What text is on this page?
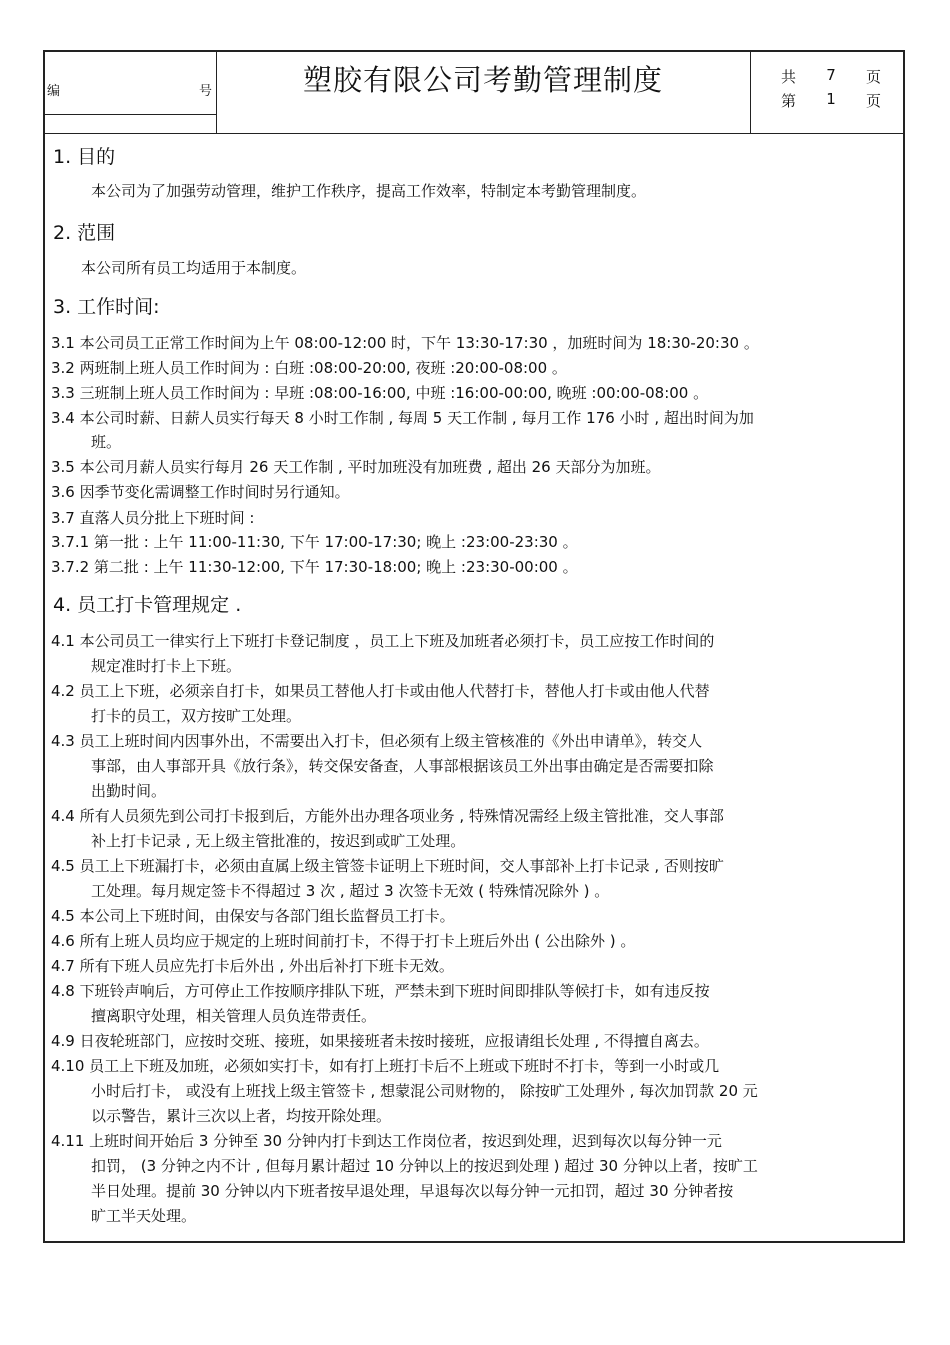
编	号	塑胶有限公司考勤管理制度	共 7 页
第 1 页
1. 目的
本公司为了加强劳动管理，维护工作秩序，提高工作效率，特制定本考勤管理制度。
2. 范围
本公司所有员工均适用于本制度。
3. 工作时间:
3.1 本公司员工正常工作时间为上午 08:00-12:00 时，下午 13:30-17:30 ，加班时间为 18:30-20:30 。
3.2 两班制上班人员工作时间为 : 白班 :08:00-20:00, 夜班 :20:00-08:00 。
3.3 三班制上班人员工作时间为 : 早班 :08:00-16:00, 中班 :16:00-00:00, 晚班 :00:00-08:00 。
3.4 本公司时薪、日薪人员实行每天 8 小时工作制 , 每周 5 天工作制 , 每月工作 176 小时 , 超出时间为加
班。
3.5 本公司月薪人员实行每月 26 天工作制 , 平时加班没有加班费 , 超出 26 天部分为加班。
3.6 因季节变化需调整工作时间时另行通知。
3.7 直落人员分批上下班时间 :
3.7.1 第一批 : 上午 11:00-11:30, 下午 17:00-17:30; 晚上 :23:00-23:30 。
3.7.2 第二批 : 上午 11:30-12:00, 下午 17:30-18:00; 晚上 :23:30-00:00 。
4. 员工打卡管理规定 .
4.1 本公司员工一律实行上下班打卡登记制度 ，员工上下班及加班者必须打卡，员工应按工作时间的
规定准时打卡上下班。
4.2 员工上下班，必须亲自打卡，如果员工替他人打卡或由他人代替打卡，替他人打卡或由他人代替
打卡的员工，双方按旷工处理。
4.3 员工上班时间内因事外出，不需要出入打卡，但必须有上级主管核准的《外出申请单》，转交人
事部，由人事部开具《放行条》，转交保安备查，人事部根据该员工外出事由确定是否需要扣除
出勤时间。
4.4 所有人员须先到公司打卡报到后，方能外出办理各项业务 , 特殊情况需经上级主管批准，交人事部
补上打卡记录 , 无上级主管批准的，按迟到或旷工处理。
4.5 员工上下班漏打卡，必须由直属上级主管签卡证明上下班时间，交人事部补上打卡记录 , 否则按旷
工处理。每月规定签卡不得超过 3 次 , 超过 3 次签卡无效 ( 特殊情况除外 ) 。
4.5 本公司上下班时间，由保安与各部门组长监督员工打卡。
4.6 所有上班人员均应于规定的上班时间前打卡，不得于打卡上班后外出 ( 公出除外 ) 。
4.7 所有下班人员应先打卡后外出 , 外出后补打下班卡无效。
4.8 下班铃声响后，方可停止工作按顺序排队下班，严禁未到下班时间即排队等候打卡，如有违反按
擅离职守处理，相关管理人员负连带责任。
4.9 日夜轮班部门，应按时交班、接班，如果接班者未按时接班，应报请组长处理 , 不得擅自离去。
4.10 员工上下班及加班，必须如实打卡，如有打上班打卡后不上班或下班时不打卡，等到一小时或几
小时后打卡， 或没有上班找上级主管签卡 , 想蒙混公司财物的， 除按旷工处理外 , 每次加罚款 20 元
以示警告，累计三次以上者，均按开除处理。
4.11 上班时间开始后 3 分钟至 30 分钟内打卡到达工作岗位者，按迟到处理，迟到每次以每分钟一元
扣罚， (3 分钟之内不计 , 但每月累计超过 10 分钟以上的按迟到处理 ) 超过 30 分钟以上者，按旷工
半日处理。提前 30 分钟以内下班者按早退处理，早退每次以每分钟一元扣罚，超过 30 分钟者按
旷工半天处理。
